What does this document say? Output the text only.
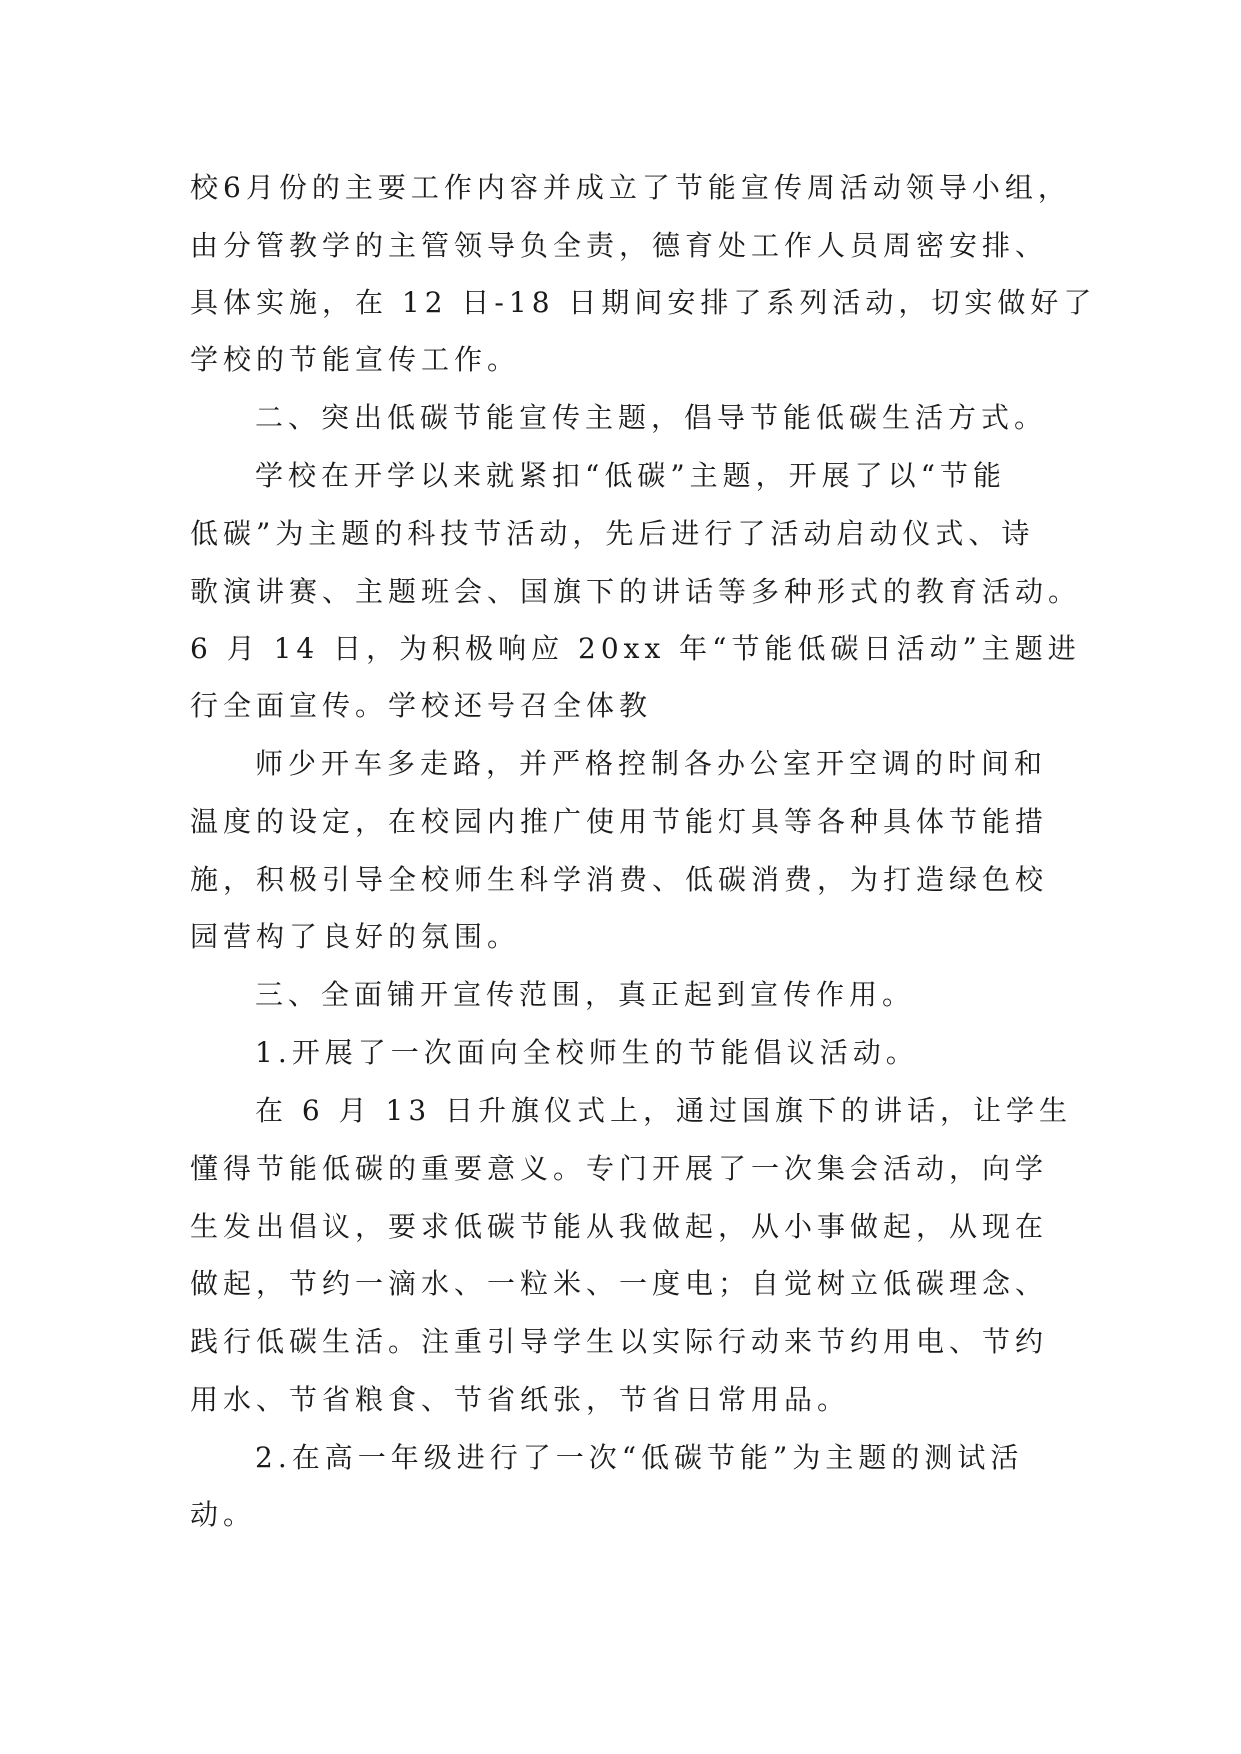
校6月份的主要工作内容并成立了节能宣传周活动领导小组，
由分管教学的主管领导负全责，德育处工作人员周密安排、
具体实施，在 12 日-18 日期间安排了系列活动，切实做好了
学校的节能宣传工作。
二、突出低碳节能宣传主题，倡导节能低碳生活方式。
学校在开学以来就紧扣“低碳”主题，开展了以“节能
低碳”为主题的科技节活动，先后进行了活动启动仪式、诗
歌演讲赛、主题班会、国旗下的讲话等多种形式的教育活动。
6 月 14 日，为积极响应 20xx 年“节能低碳日活动”主题进
行全面宣传。学校还号召全体教
师少开车多走路，并严格控制各办公室开空调的时间和
温度的设定，在校园内推广使用节能灯具等各种具体节能措
施，积极引导全校师生科学消费、低碳消费，为打造绿色校
园营构了良好的氛围。
三、全面铺开宣传范围，真正起到宣传作用。
1.开展了一次面向全校师生的节能倡议活动。
在 6 月 13 日升旗仪式上，通过国旗下的讲话，让学生
懂得节能低碳的重要意义。专门开展了一次集会活动，向学
生发出倡议，要求低碳节能从我做起，从小事做起，从现在
做起，节约一滴水、一粒米、一度电；自觉树立低碳理念、
践行低碳生活。注重引导学生以实际行动来节约用电、节约
用水、节省粮食、节省纸张，节省日常用品。
2.在高一年级进行了一次“低碳节能”为主题的测试活
动。
